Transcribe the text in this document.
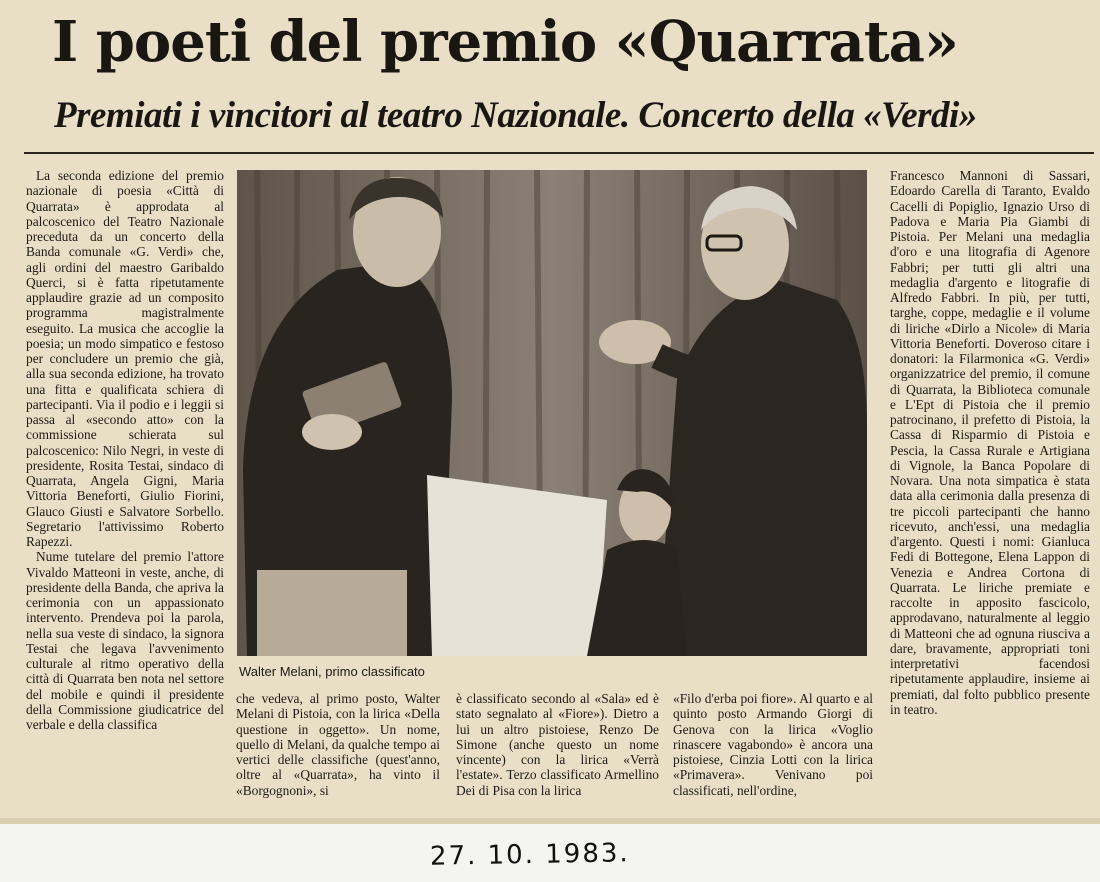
I poeti del premio «Quarrata»
Premiati i vincitori al teatro Nazionale. Concerto della «Verdi»

La seconda edizione del premio nazionale di poesia «Città di Quarrata» è approdata al palcoscenico del Teatro Nazionale preceduta da un concerto della Banda comunale «G. Verdi» che, agli ordini del maestro Garibaldo Querci, si è fatta ripetutamente applaudire grazie ad un composito programma magistralmente eseguito. La musica che accoglie la poesia; un modo simpatico e festoso per concludere un premio che già, alla sua seconda edizione, ha trovato una fitta e qualificata schiera di partecipanti. Via il podio e i leggii si passa al «secondo atto» con la commissione schierata sul palcoscenico: Nilo Negri, in veste di presidente, Rosita Testai, sindaco di Quarrata, Angela Gigni, Maria Vittoria Beneforti, Giulio Fiorini, Glauco Giusti e Salvatore Sorbello. Segretario l'attivissimo Roberto Rapezzi.

Nume tutelare del premio l'attore Vivaldo Matteoni in veste, anche, di presidente della Banda, che apriva la cerimonia con un appassionato intervento. Prendeva poi la parola, nella sua veste di sindaco, la signora Testai che legava l'avvenimento culturale al ritmo operativo della città di Quarrata ben nota nel settore del mobile e quindi il presidente della Commissione giudicatrice del verbale e della classifica

Walter Melani, primo classificato

che vedeva, al primo posto, Walter Melani di Pistoia, con la lirica «Della questione in oggetto». Un nome, quello di Melani, da qualche tempo ai vertici delle classifiche (quest'anno, oltre al «Quarrata», ha vinto il «Borgognoni», si

è classificato secondo al «Sala» ed è stato segnalato al «Fiore»). Dietro a lui un altro pistoiese, Renzo De Simone (anche questo un nome vincente) con la lirica «Verrà l'estate». Terzo classificato Armellino Dei di Pisa con la lirica

«Filo d'erba poi fiore». Al quarto e al quinto posto Armando Giorgi di Genova con la lirica «Voglio rinascere vagabondo» è ancora una pistoiese, Cinzia Lotti con la lirica «Primavera». Venivano poi classificati, nell'ordine,

Francesco Mannoni di Sassari, Edoardo Carella di Taranto, Evaldo Cacelli di Popiglio, Ignazio Urso di Padova e Maria Pia Giambi di Pistoia. Per Melani una medaglia d'oro e una litografia di Agenore Fabbri; per tutti gli altri una medaglia d'argento e litografie di Alfredo Fabbri. In più, per tutti, targhe, coppe, medaglie e il volume di liriche «Dirlo a Nicole» di Maria Vittoria Beneforti. Doveroso citare i donatori: la Filarmonica «G. Verdi» organizzatrice del premio, il comune di Quarrata, la Biblioteca comunale e L'Ept di Pistoia che il premio patrocinano, il prefetto di Pistoia, la Cassa di Risparmio di Pistoia e Pescia, la Cassa Rurale e Artigiana di Vignole, la Banca Popolare di Novara. Una nota simpatica è stata data alla cerimonia dalla presenza di tre piccoli partecipanti che hanno ricevuto, anch'essi, una medaglia d'argento. Questi i nomi: Gianluca Fedi di Bottegone, Elena Lappon di Venezia e Andrea Cortona di Quarrata. Le liriche premiate e raccolte in apposito fascicolo, approdavano, naturalmente al leggio di Matteoni che ad ognuna riusciva a dare, bravamente, appropriati toni interpretativi facendosi ripetutamente applaudire, insieme ai premiati, dal folto pubblico presente in teatro.

27. 10. 1983.
